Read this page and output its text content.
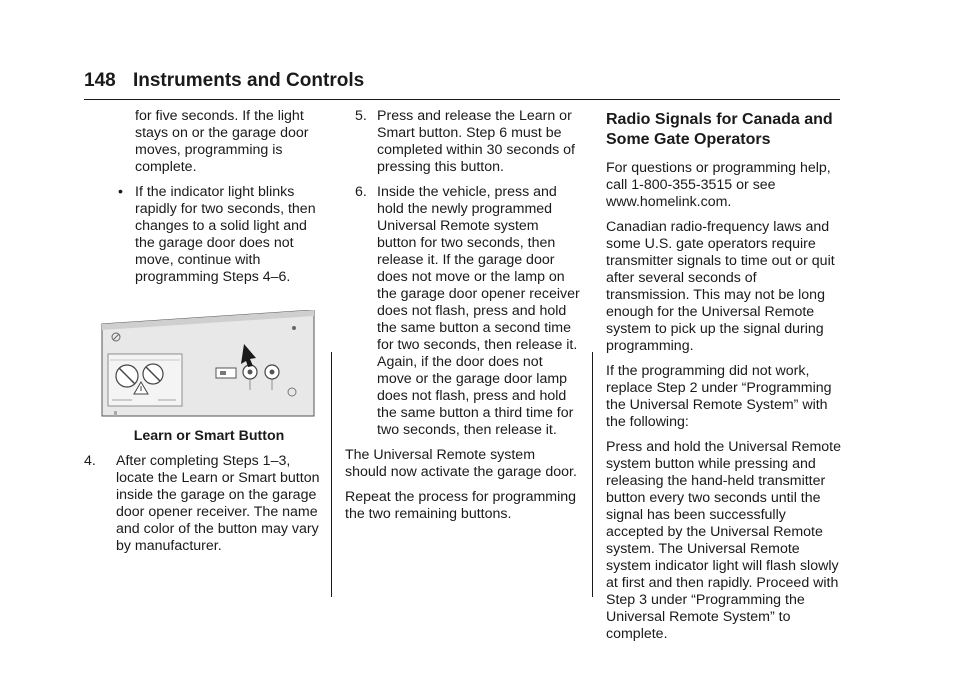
148 Instruments and Controls

for five seconds. If the light stays on or the garage door moves, programming is complete.

• If the indicator light blinks rapidly for two seconds, then changes to a solid light and the garage door does not move, continue with programming Steps 4–6.

Learn or Smart Button

4. After completing Steps 1–3, locate the Learn or Smart button inside the garage on the garage door opener receiver. The name and color of the button may vary by manufacturer.
5. Press and release the Learn or Smart button. Step 6 must be completed within 30 seconds of pressing this button.
6. Inside the vehicle, press and hold the newly programmed Universal Remote system button for two seconds, then release it. If the garage door does not move or the lamp on the garage door opener receiver does not flash, press and hold the same button a second time for two seconds, then release it. Again, if the door does not move or the garage door lamp does not flash, press and hold the same button a third time for two seconds, then release it.

The Universal Remote system should now activate the garage door.

Repeat the process for programming the two remaining buttons.

Radio Signals for Canada and Some Gate Operators

For questions or programming help, call 1-800-355-3515 or see www.homelink.com.

Canadian radio-frequency laws and some U.S. gate operators require transmitter signals to time out or quit after several seconds of transmission. This may not be long enough for the Universal Remote system to pick up the signal during programming.

If the programming did not work, replace Step 2 under “Programming the Universal Remote System” with the following:

Press and hold the Universal Remote system button while pressing and releasing the hand-held transmitter button every two seconds until the signal has been successfully accepted by the Universal Remote system. The Universal Remote system indicator light will flash slowly at first and then rapidly. Proceed with Step 3 under “Programming the Universal Remote System” to complete.
